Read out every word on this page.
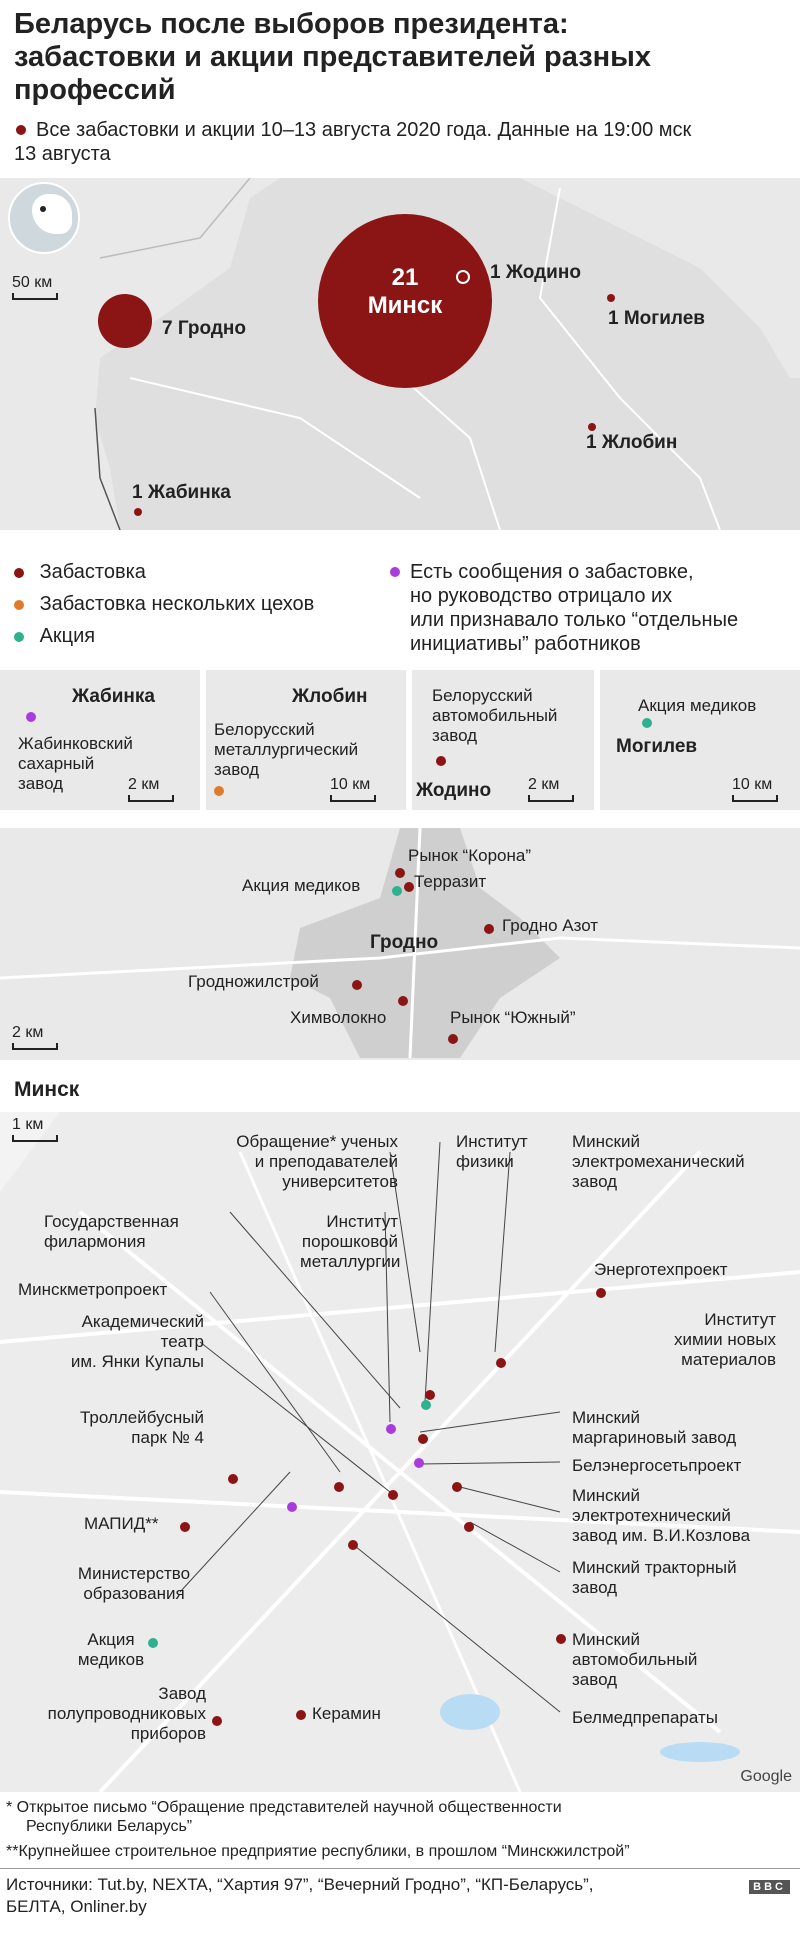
Беларусь после выборов президента:
забастовки и акции представителей разных
профессий
Все забастовки и акции 10–13 августа 2020 года. Данные на 19:00 мск
13 августа
50 км	21
Минск
1 Жодино
7 Гродно	1 Могилев
1 Жлобин
1 Жабинка
Забастовка
Забастовка нескольких цехов
Акция
Есть сообщения о забастовке,
но руководство отрицало их
или признавало только “отдельные
инициативы” работников
Жабинка
Жабинковский
сахарный
завод	2 км
Жлобин
Белорусский
металлургический
завод
10 км
Белорусский
автомобильный
завод
Жодино 2 км
Акция медиков
Могилев
10 км
Рынок “Корона”
Акция медиков	Терразит
Гродно Азот
Гродно
Гродножилстрой
Химволокно	Рынок “Южный”
2 км
Минск
1 км
Обращение* ученых
и преподавателей
университетов
Институт
физики
Государственная
филармония
Институт
порошковой
металлургии
Минскметропроект
Академический
театр
им. Янки Купалы
Троллейбусный
парк № 4
МАПИД**
Министерство
образования
Акция
медиков
Завод
полупроводниковых
приборов
Керамин
Минский
электромеханический
завод
Энерготехпроект
Институт
химии новых
материалов
Минский
маргариновый завод
Белэнергосетьпроект
Минский
электротехнический
завод им. В.И.Козлова
Минский тракторный
завод
Минский
автомобильный
завод
Белмедпрепараты
Google
* Открытое письмо “Обращение представителей научной общественности
Республики Беларусь”
**Крупнейшее строительное предприятие республики, в прошлом “Минскжилстрой”
Источники: Tut.by, NEXTA, “Хартия 97”, “Вечерний Гродно”, “КП-Беларусь”,
БЕЛТА, Onliner.by
BBC
